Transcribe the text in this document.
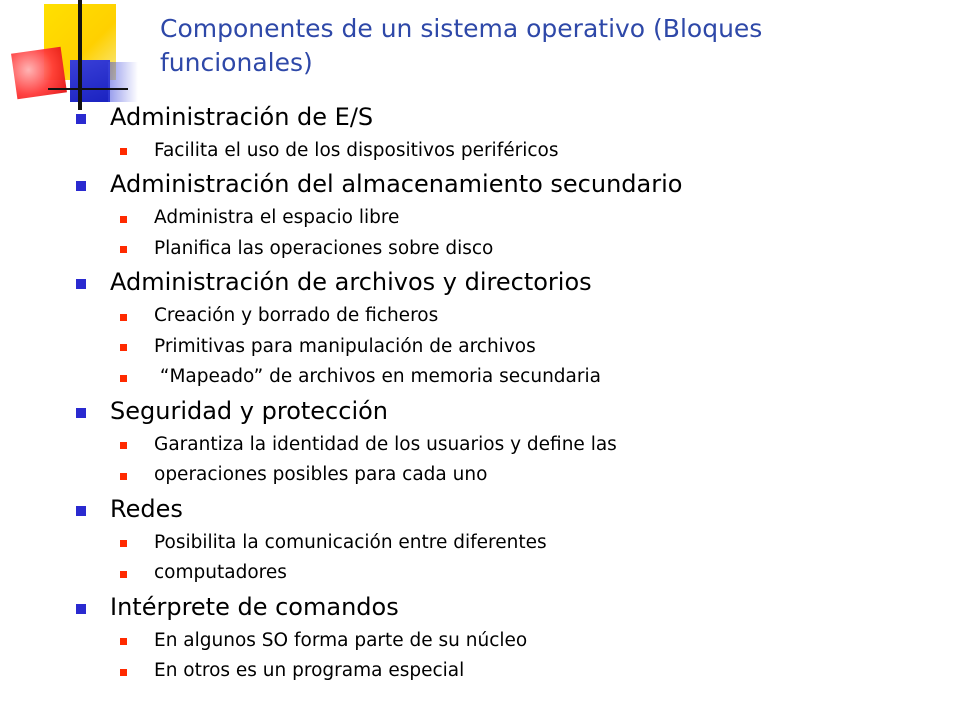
Componentes de un sistema operativo (Bloques funcionales)
Administración de E/S
Facilita el uso de los dispositivos periféricos
Administración del almacenamiento secundario
Administra el espacio libre
Planifica las operaciones sobre disco
Administración de archivos y directorios
Creación y borrado de ficheros
Primitivas para manipulación de archivos
“Mapeado” de archivos en memoria secundaria
Seguridad y protección
Garantiza la identidad de los usuarios y define las
operaciones posibles para cada uno
Redes
Posibilita la comunicación entre diferentes
computadores
Intérprete de comandos
En algunos SO forma parte de su núcleo
En otros es un programa especial
